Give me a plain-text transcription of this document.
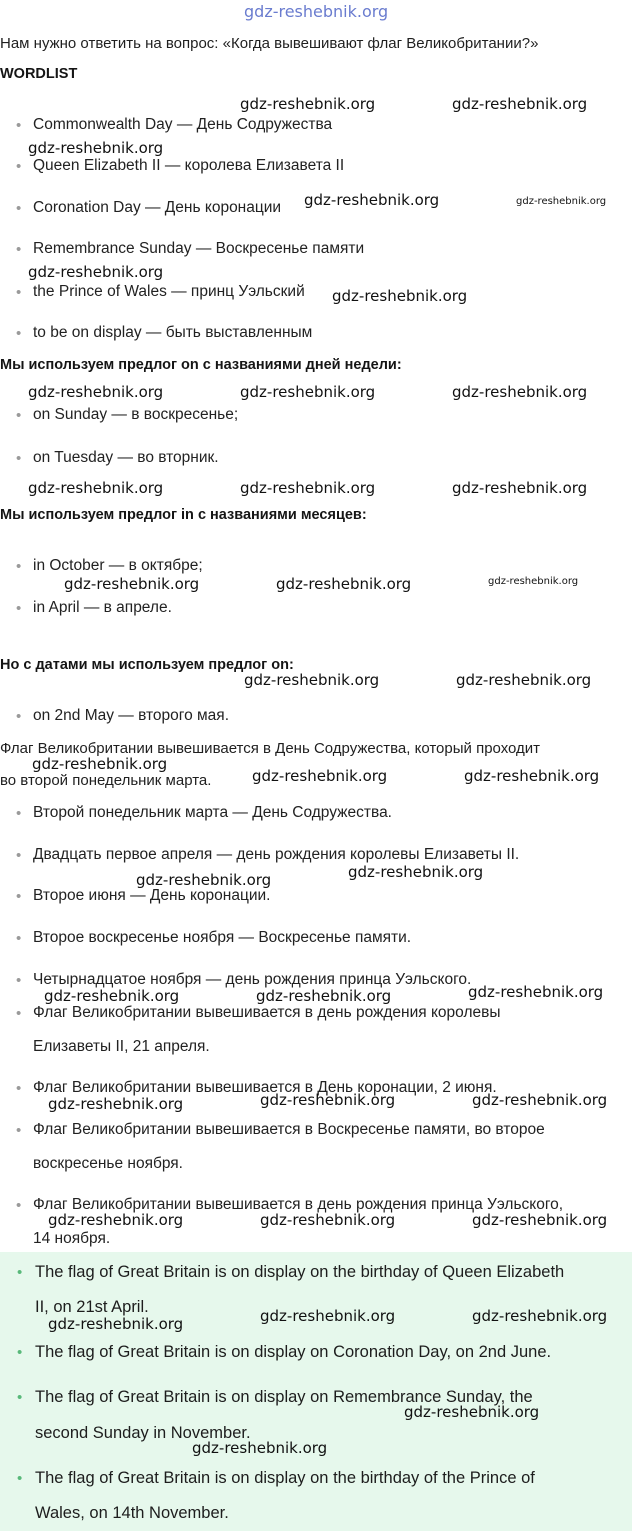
gdz-reshebnik.org
Нам нужно ответить на вопрос: «Когда вывешивают флаг Великобритании?»
WORDLIST
• Commonwealth Day — День Содружества
• Queen Elizabeth II — королева Елизавета II
• Coronation Day — День коронации
• Remembrance Sunday — Воскресенье памяти
• the Prince of Wales — принц Уэльский
• to be on display — быть выставленным
Мы используем предлог on с названиями дней недели:
• on Sunday — в воскресенье;
• on Tuesday — во вторник.
Мы используем предлог in с названиями месяцев:
• in October — в октябре;
• in April — в апреле.
Но с датами мы используем предлог on:
• on 2nd May — второго мая.
Флаг Великобритании вывешивается в День Содружества, который проходит
во второй понедельник марта.
• Второй понедельник марта — День Содружества.
• Двадцать первое апреля — день рождения королевы Елизаветы II.
• Второе июня — День коронации.
• Второе воскресенье ноября — Воскресенье памяти.
• Четырнадцатое ноября — день рождения принца Уэльского.
• Флаг Великобритании вывешивается в день рождения королевы
Елизаветы II, 21 апреля.
• Флаг Великобритании вывешивается в День коронации, 2 июня.
• Флаг Великобритании вывешивается в Воскресенье памяти, во второе
воскресенье ноября.
• Флаг Великобритании вывешивается в день рождения принца Уэльского,
14 ноября.
• The flag of Great Britain is on display on the birthday of Queen Elizabeth
II, on 21st April.
• The flag of Great Britain is on display on Coronation Day, on 2nd June.
• The flag of Great Britain is on display on Remembrance Sunday, the
second Sunday in November.
• The flag of Great Britain is on display on the birthday of the Prince of
Wales, on 14th November.
gdz-reshebnik.org	gdz-reshebnik.org
gdz-reshebnik.org
gdz-reshebnik.org	gdz-reshebnik.org
gdz-reshebnik.org
gdz-reshebnik.org
gdz-reshebnik.org	gdz-reshebnik.org	gdz-reshebnik.org
gdz-reshebnik.org	gdz-reshebnik.org	gdz-reshebnik.org
gdz-reshebnik.org	gdz-reshebnik.org	gdz-reshebnik.org
gdz-reshebnik.org	gdz-reshebnik.org
gdz-reshebnik.org
gdz-reshebnik.org	gdz-reshebnik.org
gdz-reshebnik.org
gdz-reshebnik.org
gdz-reshebnik.org
gdz-reshebnik.org	gdz-reshebnik.org
gdz-reshebnik.org	gdz-reshebnik.org
gdz-reshebnik.org
gdz-reshebnik.org	gdz-reshebnik.org	gdz-reshebnik.org
gdz-reshebnik.org	gdz-reshebnik.org
gdz-reshebnik.org
gdz-reshebnik.org
gdz-reshebnik.org
